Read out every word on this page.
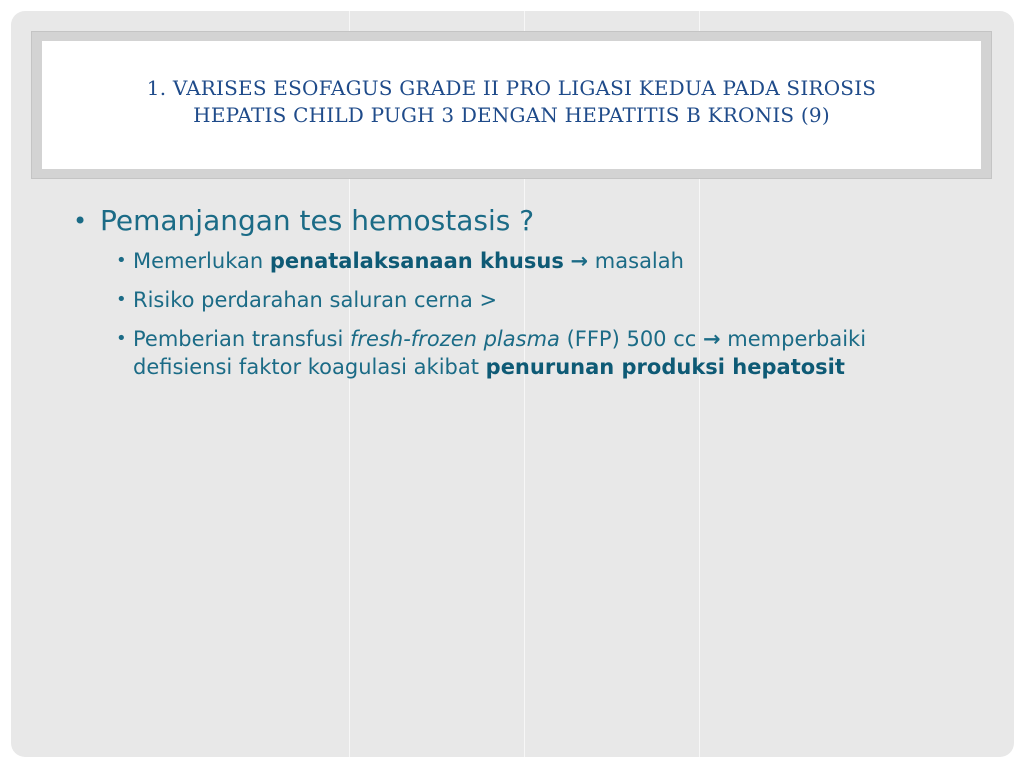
1. VARISES ESOFAGUS GRADE II PRO LIGASI KEDUA PADA SIROSIS
HEPATIS CHILD PUGH 3 DENGAN HEPATITIS B KRONIS (9)
• Pemanjangan tes hemostasis ?
• Memerlukan penatalaksanaan khusus → masalah
• Risiko perdarahan saluran cerna >
• Pemberian transfusi fresh-frozen plasma (FFP) 500 cc → memperbaiki defisiensi faktor koagulasi akibat penurunan produksi hepatosit
